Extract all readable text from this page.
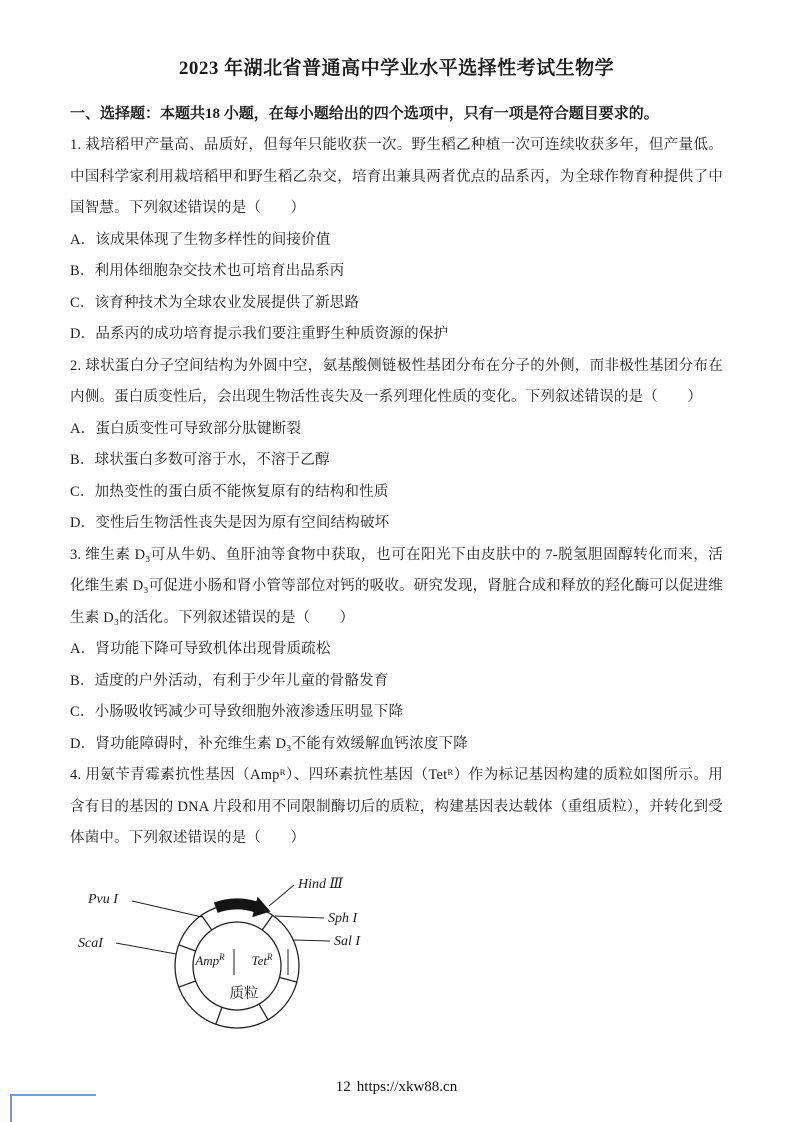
2023 年湖北省普通高中学业水平选择性考试生物学

一、选择题：本题共18 小题，在每小题给出的四个选项中，只有一项是符合题目要求的。

1. 栽培稻甲产量高、品质好，但每年只能收获一次。野生稻乙种植一次可连续收获多年，但产量低。中国科学家利用栽培稻甲和野生稻乙杂交，培育出兼具两者优点的品系丙，为全球作物育种提供了中国智慧。下列叙述错误的是（　　）

A．该成果体现了生物多样性的间接价值

B．利用体细胞杂交技术也可培育出品系丙

C．该育种技术为全球农业发展提供了新思路

D．品系丙的成功培育提示我们要注重野生种质资源的保护

2. 球状蛋白分子空间结构为外圆中空，氨基酸侧链极性基团分布在分子的外侧，而非极性基团分布在内侧。蛋白质变性后，会出现生物活性丧失及一系列理化性质的变化。下列叙述错误的是（　　）

A．蛋白质变性可导致部分肽键断裂

B．球状蛋白多数可溶于水，不溶于乙醇

C．加热变性的蛋白质不能恢复原有的结构和性质

D．变性后生物活性丧失是因为原有空间结构破坏

3. 维生素 D₃可从牛奶、鱼肝油等食物中获取，也可在阳光下由皮肤中的 7-脱氢胆固醇转化而来，活化维生素 D₃可促进小肠和肾小管等部位对钙的吸收。研究发现，肾脏合成和释放的羟化酶可以促进维生素 D₃的活化。下列叙述错误的是（　　）

A．肾功能下降可导致机体出现骨质疏松

B．适度的户外活动，有利于少年儿童的骨骼发育

C．小肠吸收钙减少可导致细胞外液渗透压明显下降

D．肾功能障碍时，补充维生素 D₃不能有效缓解血钙浓度下降

4. 用氨苄青霉素抗性基因（Ampᴿ）、四环素抗性基因（Tetᴿ）作为标记基因构建的质粒如图所示。用含有目的基因的 DNA 片段和用不同限制酶切后的质粒，构建基因表达载体（重组质粒），并转化到受体菌中。下列叙述错误的是（　　）

Hind Ⅲ
Pvu I
Sph I
Sal I
ScaI
Amp$^R$ Tet$^R$
质粒
12 https://xkw88.cn
